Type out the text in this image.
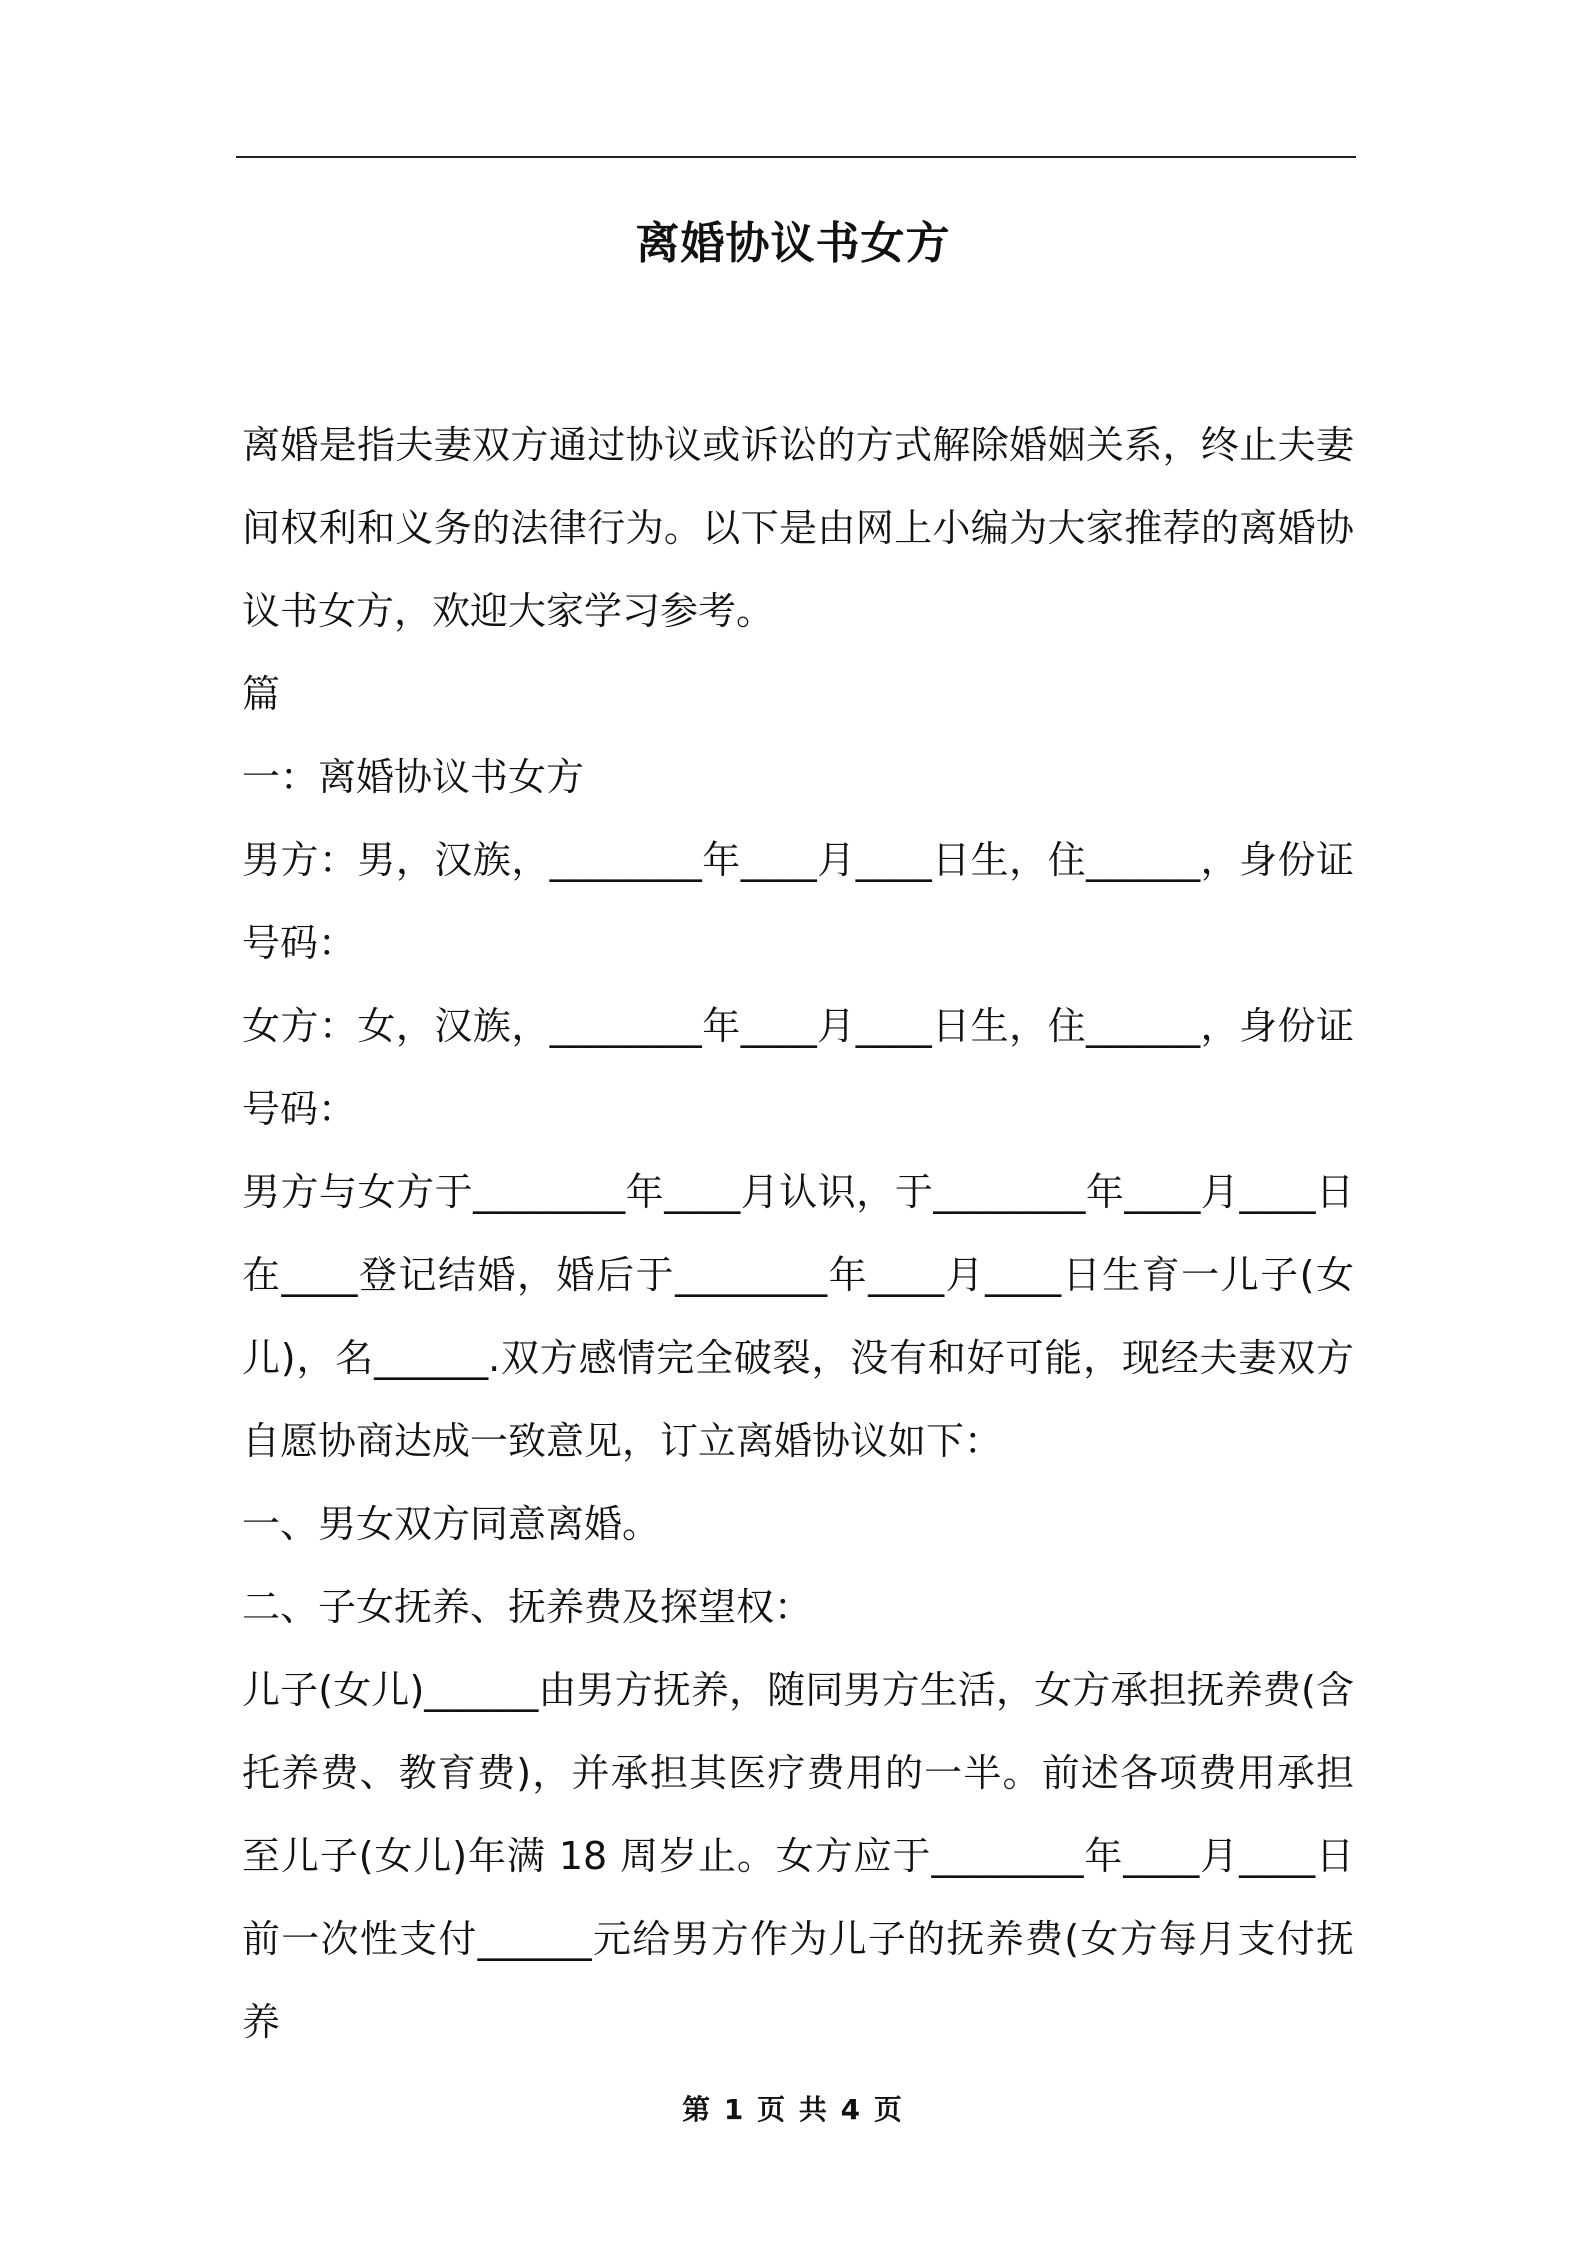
离婚协议书女方

离婚是指夫妻双方通过协议或诉讼的方式解除婚姻关系，终止夫妻间权利和义务的法律行为。以下是由网上小编为大家推荐的离婚协议书女方，欢迎大家学习参考。

篇

一：离婚协议书女方

男方：男，汉族，________年____月____日生，住______，身份证号码：

女方：女，汉族，________年____月____日生，住______，身份证号码：

男方与女方于________年____月认识，于________年____月____日在____登记结婚，婚后于________年____月____日生育一儿子(女儿)，名______.双方感情完全破裂，没有和好可能，现经夫妻双方自愿协商达成一致意见，订立离婚协议如下：

一、男女双方同意离婚。

二、子女抚养、抚养费及探望权：

儿子(女儿)______由男方抚养，随同男方生活，女方承担抚养费(含托养费、教育费)，并承担其医疗费用的一半。前述各项费用承担至儿子(女儿)年满 18 周岁止。女方应于________年____月____日前一次性支付______元给男方作为儿子的抚养费(女方每月支付抚养

第 1 页 共 4 页
